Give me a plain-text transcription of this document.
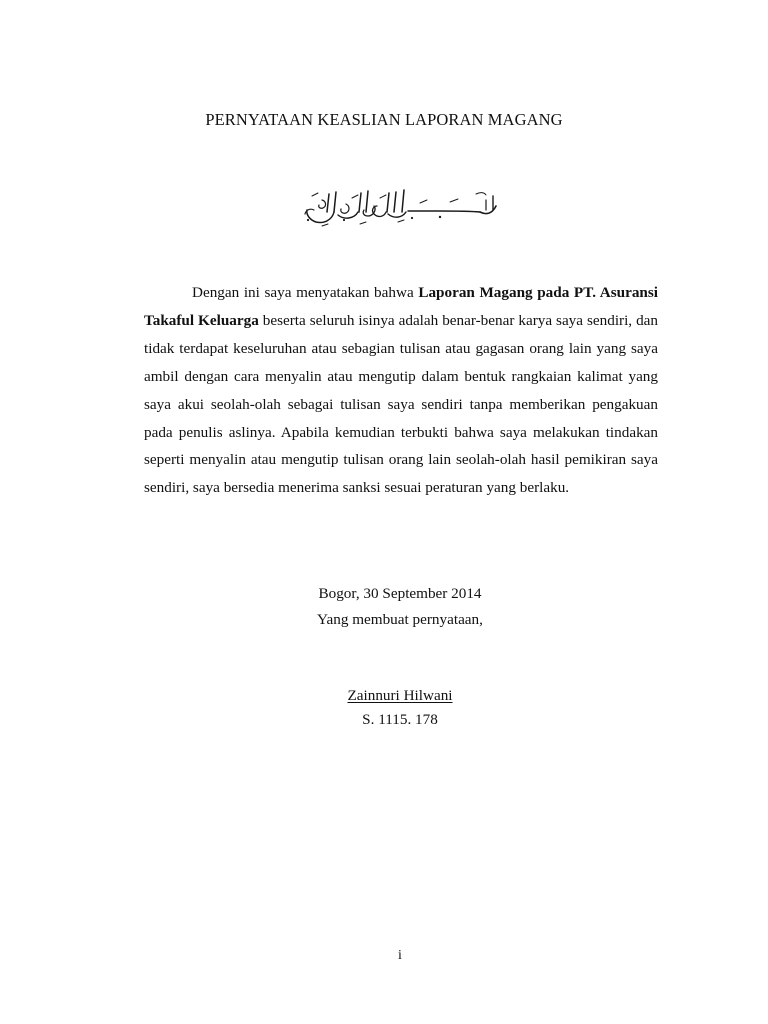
PERNYATAAN KEASLIAN LAPORAN MAGANG

Dengan ini saya menyatakan bahwa Laporan Magang pada PT. Asuransi Takaful Keluarga beserta seluruh isinya adalah benar-benar karya saya sendiri, dan tidak terdapat keseluruhan atau sebagian tulisan atau gagasan orang lain yang saya ambil dengan cara menyalin atau mengutip dalam bentuk rangkaian kalimat yang saya akui seolah-olah sebagai tulisan saya sendiri tanpa memberikan pengakuan pada penulis aslinya. Apabila kemudian terbukti bahwa saya melakukan tindakan seperti menyalin atau mengutip tulisan orang lain seolah-olah hasil pemikiran saya sendiri, saya bersedia menerima sanksi sesuai peraturan yang berlaku.

Bogor, 30 September 2014

Yang membuat pernyataan,

Zainnuri Hilwani

S. 1115. 178

i
